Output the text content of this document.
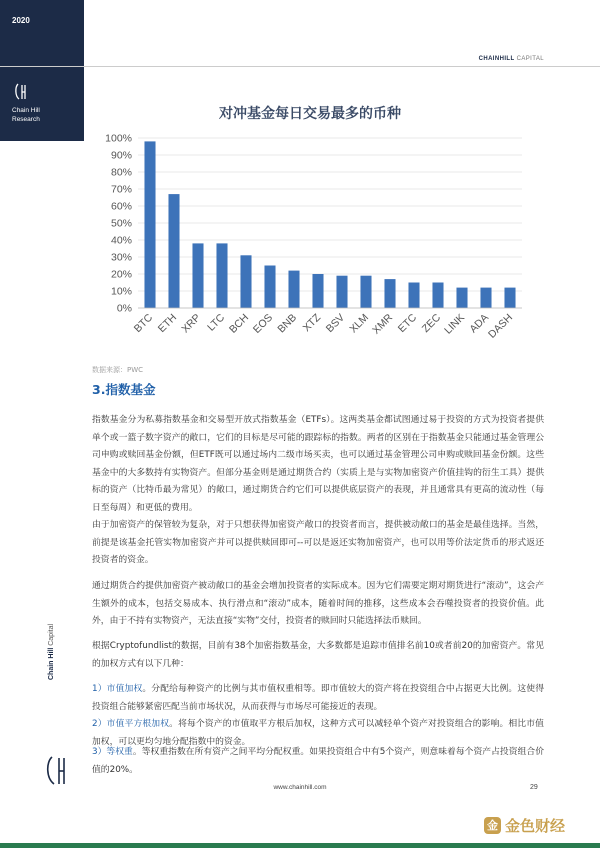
2020
Chain Hill
Research
CHAINHILL CAPITAL
对冲基金每日交易最多的币种
0%
10%
20%
30%
40%
50%
60%
70%
80%
90%
100%
BTC ETH XRP LTC BCH EOS BNB XTZ BSV XLM XMR ETC ZEC LINK ADA
DASH
数据来源：PWC
3.指数基金
指数基金分为私募指数基金和交易型开放式指数基金（ETFs）。这两类基金都试图通过易于投资的方式为投资者提供单个或一篮子数字资产的敞口，它们的目标是尽可能的跟踪标的指数。两者的区别在于指数基金只能通过基金管理公司申购或赎回基金份额，但ETF既可以通过场内二级市场买卖，也可以通过基金管理公司申购或赎回基金份额。这些基金中的大多数持有实物资产。但部分基金则是通过期货合约（实质上是与实物加密资产价值挂钩的衍生工具）提供标的资产（比特币最为常见）的敞口，通过期货合约它们可以提供底层资产的表现，并且通常具有更高的流动性（每日至每周）和更低的费用。
由于加密资产的保管较为复杂，对于只想获得加密资产敞口的投资者而言，提供被动敞口的基金是最佳选择。当然，前提是该基金托管实物加密资产并可以提供赎回即可--可以是返还实物加密资产，也可以用等价法定货币的形式返还投资者的资金。
通过期货合约提供加密资产被动敞口的基金会增加投资者的实际成本。因为它们需要定期对期货进行“滚动”，这会产生额外的成本，包括交易成本、执行滑点和“滚动”成本，随着时间的推移，这些成本会吞噬投资者的投资价值。此外，由于不持有实物资产，无法直接“实物”交付，投资者的赎回时只能选择法币赎回。
根据Cryptofundlist的数据，目前有38个加密指数基金，大多数都是追踪市值排名前10或者前20的加密资产。常见的加权方式有以下几种：
1）市值加权。分配给每种资产的比例与其市值权重相等。即市值较大的资产将在投资组合中占据更大比例。这使得投资组合能够紧密匹配当前市场状况，从而获得与市场尽可能接近的表现。
2）市值平方根加权。将每个资产的市值取平方根后加权，这种方式可以减轻单个资产对投资组合的影响。相比市值加权，可以更均匀地分配指数中的资金。
3）等权重。等权重指数在所有资产之间平均分配权重。如果投资组合中有5个资产，则意味着每个资产占投资组合价值的20%。
Chain Hill Capital
www.chainhill.com	29
金 金色财经
